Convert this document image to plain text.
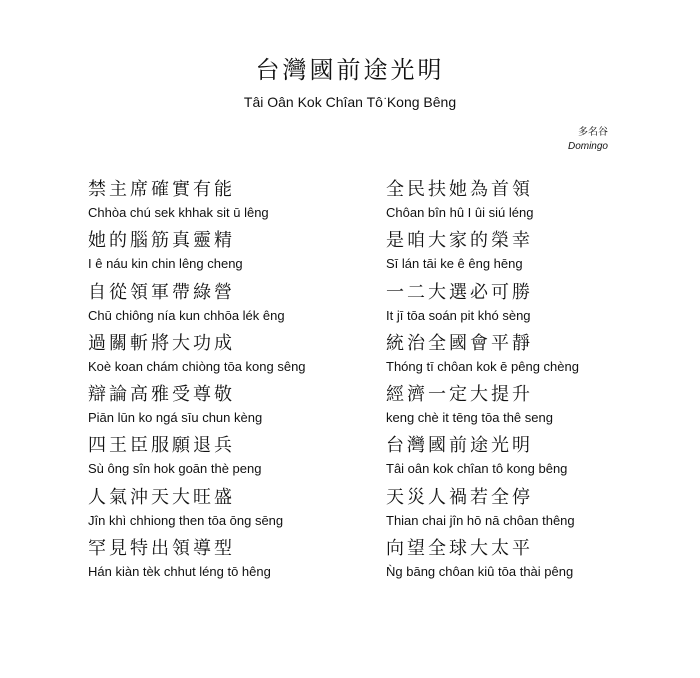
台灣國前途光明
Tâi Oân Kok Chîan Tô͘ Kong Bêng
多名谷
Domingo
禁主席確實有能
Chhòa chú sek khhak sit ū lêng
她的腦筋真靈精
I ê náu kin chin lêng cheng
自從領軍帶綠營
Chū chiông nía kun chhōa lék êng
過關斬將大功成
Koè koan chám chiòng tōa kong sêng
辯論高雅受尊敬
Piān lūn ko ngá sīu chun kèng
四王臣服願退兵
Sù ông sîn hok goān thè peng
人氣沖天大旺盛
Jîn khì chhiong then tōa ōng sēng
罕見特出領導型
Hán kiàn tèk chhut léng tō hêng
全民扶她為首領
Chôan bîn hû I ûi siú léng
是咱大家的榮幸
Sī lán tāi ke ê êng hēng
一二大選必可勝
It jī tōa soán pit khó sèng
統治全國會平靜
Thóng tī chôan kok ē pêng chèng
經濟一定大提升
keng chè it tēng tōa thê seng
台灣國前途光明
Tâi oân kok chîan tô kong bêng
天災人禍若全停
Thian chai jîn hō nā chôan thêng
向望全球大太平
Ǹg bāng chôan kiû tōa thài pêng
